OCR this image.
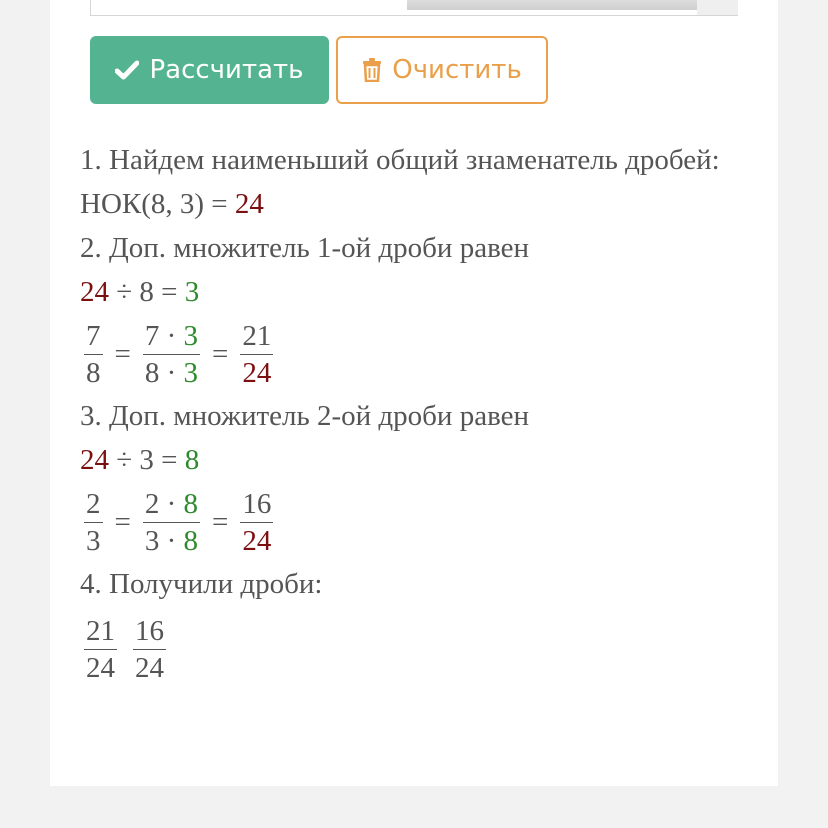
Рассчитать	Очистить
1. Найдем наименьший общий знаменатель дробей:
НОК(8, 3) = 24
2. Доп. множитель 1-ой дроби равен
24 ÷ 8 = 3
$\frac{7}{8} = \frac{7 \cdot 3}{8 \cdot 3} = \frac{21}{24}$
3. Доп. множитель 2-ой дроби равен
24 ÷ 3 = 8
$\frac{2}{3} = \frac{2 \cdot 8}{3 \cdot 8} = \frac{16}{24}$
4. Получили дроби:
$\frac{21}{24} \frac{16}{24}$
